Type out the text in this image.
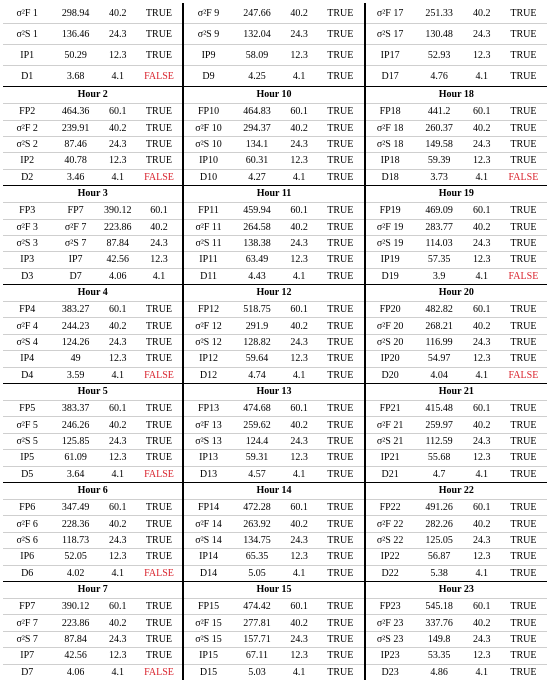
σ²F 1	298.94	40.2	TRUE
σ²S 1	136.46	24.3	TRUE
IP1	50.29	12.3	TRUE
D1	3.68	4.1	FALSE
Hour 2
FP2	464.36	60.1	TRUE
σ²F 2	239.91	40.2	TRUE
σ²S 2	87.46	24.3	TRUE
IP2	40.78	12.3	TRUE
D2	3.46	4.1	FALSE
Hour 3
FP3	FP7	390.12	60.1
σ²F 3	σ²F 7	223.86	40.2
σ²S 3	σ²S 7	87.84	24.3
IP3	IP7	42.56	12.3
D3	D7	4.06	4.1
Hour 4
FP4	383.27	60.1	TRUE
σ²F 4	244.23	40.2	TRUE
σ²S 4	124.26	24.3	TRUE
IP4	49	12.3	TRUE
D4	3.59	4.1	FALSE
Hour 5
FP5	383.37	60.1	TRUE
σ²F 5	246.26	40.2	TRUE
σ²S 5	125.85	24.3	TRUE
IP5	61.09	12.3	TRUE
D5	3.64	4.1	FALSE
Hour 6
FP6	347.49	60.1	TRUE
σ²F 6	228.36	40.2	TRUE
σ²S 6	118.73	24.3	TRUE
IP6	52.05	12.3	TRUE
D6	4.02	4.1	FALSE
Hour 7
FP7	390.12	60.1	TRUE
σ²F 7	223.86	40.2	TRUE
σ²S 7	87.84	24.3	TRUE
IP7	42.56	12.3	TRUE
D7	4.06	4.1	FALSE
σ²F 9	247.66	40.2	TRUE
σ²S 9	132.04	24.3	TRUE
IP9	58.09	12.3	TRUE
D9	4.25	4.1	TRUE
Hour 10
FP10	464.83	60.1	TRUE
σ²F 10	294.37	40.2	TRUE
σ²S 10	134.1	24.3	TRUE
IP10	60.31	12.3	TRUE
D10	4.27	4.1	TRUE
Hour 11
FP11	459.94	60.1	TRUE
σ²F 11	264.58	40.2	TRUE
σ²S 11	138.38	24.3	TRUE
IP11	63.49	12.3	TRUE
D11	4.43	4.1	TRUE
Hour 12
FP12	518.75	60.1	TRUE
σ²F 12	291.9	40.2	TRUE
σ²S 12	128.82	24.3	TRUE
IP12	59.64	12.3	TRUE
D12	4.74	4.1	TRUE
Hour 13
FP13	474.68	60.1	TRUE
σ²F 13	259.62	40.2	TRUE
σ²S 13	124.4	24.3	TRUE
IP13	59.31	12.3	TRUE
D13	4.57	4.1	TRUE
Hour 14
FP14	472.28	60.1	TRUE
σ²F 14	263.92	40.2	TRUE
σ²S 14	134.75	24.3	TRUE
IP14	65.35	12.3	TRUE
D14	5.05	4.1	TRUE
Hour 15
FP15	474.42	60.1	TRUE
σ²F 15	277.81	40.2	TRUE
σ²S 15	157.71	24.3	TRUE
IP15	67.11	12.3	TRUE
D15	5.03	4.1	TRUE
σ²F 17	251.33	40.2	TRUE
σ²S 17	130.48	24.3	TRUE
IP17	52.93	12.3	TRUE
D17	4.76	4.1	TRUE
Hour 18
FP18	441.2	60.1	TRUE
σ²F 18	260.37	40.2	TRUE
σ²S 18	149.58	24.3	TRUE
IP18	59.39	12.3	TRUE
D18	3.73	4.1	FALSE
Hour 19
FP19	469.09	60.1	TRUE
σ²F 19	283.77	40.2	TRUE
σ²S 19	114.03	24.3	TRUE
IP19	57.35	12.3	TRUE
D19	3.9	4.1	FALSE
Hour 20
FP20	482.82	60.1	TRUE
σ²F 20	268.21	40.2	TRUE
σ²S 20	116.99	24.3	TRUE
IP20	54.97	12.3	TRUE
D20	4.04	4.1	FALSE
Hour 21
FP21	415.48	60.1	TRUE
σ²F 21	259.97	40.2	TRUE
σ²S 21	112.59	24.3	TRUE
IP21	55.68	12.3	TRUE
D21	4.7	4.1	TRUE
Hour 22
FP22	491.26	60.1	TRUE
σ²F 22	282.26	40.2	TRUE
σ²S 22	125.05	24.3	TRUE
IP22	56.87	12.3	TRUE
D22	5.38	4.1	TRUE
Hour 23
FP23	545.18	60.1	TRUE
σ²F 23	337.76	40.2	TRUE
σ²S 23	149.8	24.3	TRUE
IP23	53.35	12.3	TRUE
D23	4.86	4.1	TRUE
